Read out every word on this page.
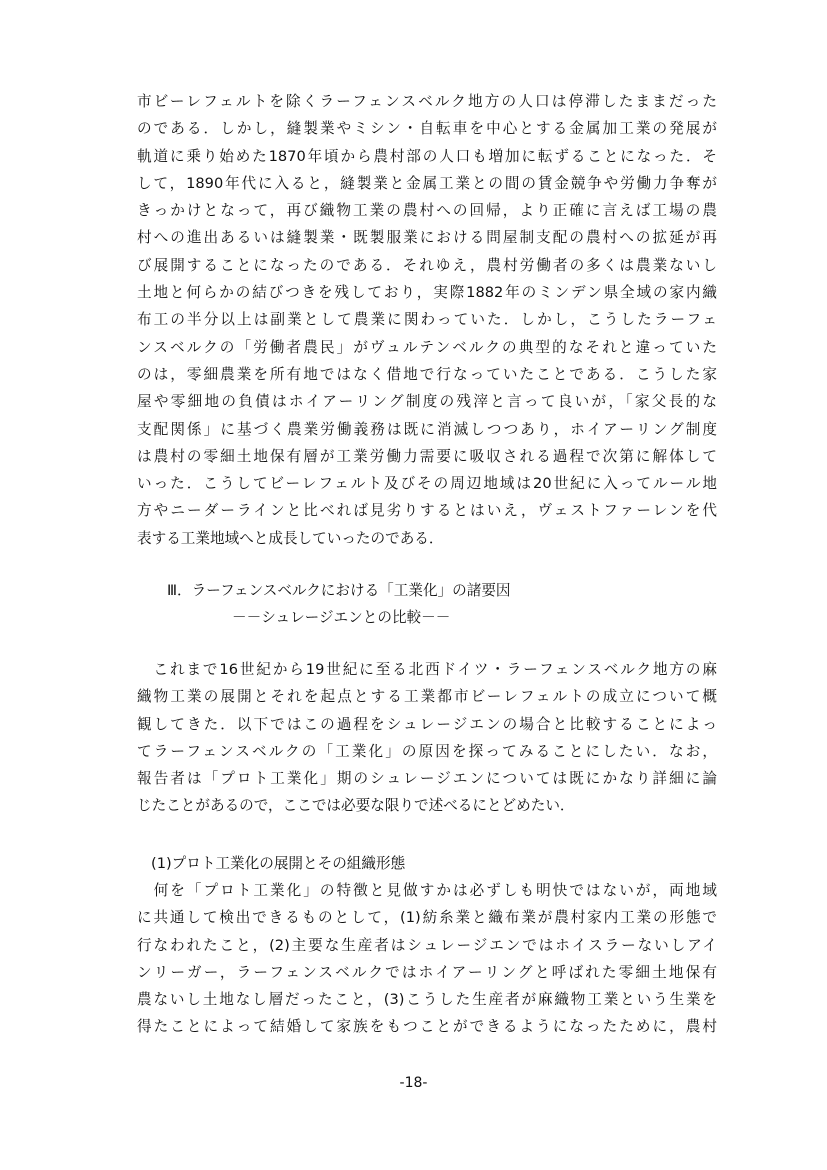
市ビーレフェルトを除くラーフェンスベルク地方の人口は停滞したままだった
のである．しかし，縫製業やミシン・自転車を中心とする金属加工業の発展が
軌道に乗り始めた1870年頃から農村部の人口も増加に転ずることになった．そ
して，1890年代に入ると，縫製業と金属工業との間の賃金競争や労働力争奪が
きっかけとなって，再び織物工業の農村への回帰，より正確に言えば工場の農
村への進出あるいは縫製業・既製服業における問屋制支配の農村への拡延が再
び展開することになったのである．それゆえ，農村労働者の多くは農業ないし
土地と何らかの結びつきを残しており，実際1882年のミンデン県全域の家内織
布工の半分以上は副業として農業に関わっていた．しかし，こうしたラーフェ
ンスベルクの「労働者農民」がヴュルテンベルクの典型的なそれと違っていた
のは，零細農業を所有地ではなく借地で行なっていたことである．こうした家
屋や零細地の負債はホイアーリング制度の残滓と言って良いが，「家父長的な
支配関係」に基づく農業労働義務は既に消滅しつつあり，ホイアーリング制度
は農村の零細土地保有層が工業労働力需要に吸収される過程で次第に解体して
いった．こうしてビーレフェルト及びその周辺地域は20世紀に入ってルール地
方やニーダーラインと比べれば見劣りするとはいえ，ヴェストファーレンを代
表する工業地域へと成長していったのである．
Ⅲ．ラーフェンスベルクにおける「工業化」の諸要因
－－シュレージエンとの比較－－
　これまで16世紀から19世紀に至る北西ドイツ・ラーフェンスベルク地方の麻
織物工業の展開とそれを起点とする工業都市ビーレフェルトの成立について概
観してきた．以下ではこの過程をシュレージエンの場合と比較することによっ
てラーフェンスベルクの「工業化」の原因を探ってみることにしたい．なお，
報告者は「プロト工業化」期のシュレージエンについては既にかなり詳細に論
じたことがあるので，ここでは必要な限りで述べるにとどめたい．
(1)プロト工業化の展開とその組織形態
　何を「プロト工業化」の特徴と見做すかは必ずしも明快ではないが，両地域
に共通して検出できるものとして，(1)紡糸業と織布業が農村家内工業の形態で
行なわれたこと，(2)主要な生産者はシュレージエンではホイスラーないしアイ
ンリーガー，ラーフェンスベルクではホイアーリングと呼ばれた零細土地保有
農ないし土地なし層だったこと，(3)こうした生産者が麻織物工業という生業を
得たことによって結婚して家族をもつことができるようになったために，農村
-18-
